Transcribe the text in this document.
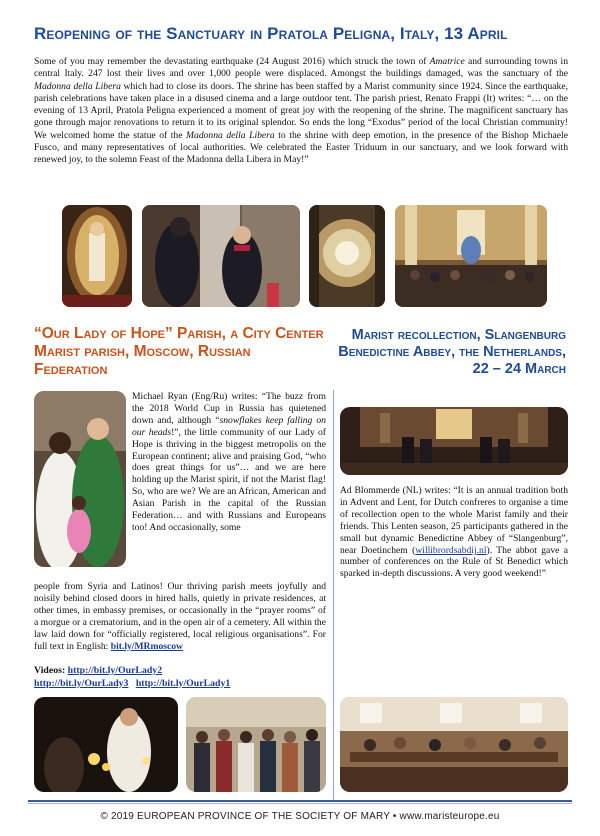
Reopening of the Sanctuary in Pratola Peligna, Italy, 13 April

Some of you may remember the devastating earthquake (24 August 2016) which struck the town of Amatrice and surrounding towns in central Italy. 247 lost their lives and over 1,000 people were displaced. Amongst the buildings damaged, was the sanctuary of the Madonna della Libera which had to close its doors. The shrine has been staffed by a Marist community since 1924. Since the earthquake, parish celebrations have taken place in a disused cinema and a large outdoor tent. The parish priest, Renato Frappi (It) writes: “… on the evening of 13 April, Pratola Peligna experienced a moment of great joy with the reopening of the shrine. The magnificent sanctuary has gone through major renovations to return it to its original splendor. So ends the long “Exodus” period of the local Christian community! We welcomed home the statue of the Madonna della Libera to the shrine with deep emotion, in the presence of the Bishop Michaele Fusco, and many representatives of local authorities. We celebrated the Easter Triduum in our sanctuary, and we look forward with renewed joy, to the solemn Feast of the Madonna della Libera in May!”

“Our Lady of Hope” Parish, a City Center Marist parish, Moscow, Russian Federation
Marist recollection, Slangenburg Benedictine Abbey, the Netherlands, 22 – 24 March

Michael Ryan (Eng/Ru) writes: “The buzz from the 2018 World Cup in Russia has quietened down and, although “snowflakes keep falling on our heads!”, the little community of our Lady of Hope is thriving in the biggest metropolis on the European continent; alive and praising God, “who does great things for us”… and we are here holding up the Marist spirit, if not the Marist flag! So, who are we? We are an African, American and Asian Parish in the capital of the Russian Federation… and with Russians and Europeans too! And occasionally, some

people from Syria and Latinos! Our thriving parish meets joyfully and noisily behind closed doors in hired halls, quietly in private residences, at other times, in embassy premises, or occasionally in the “prayer rooms” of a morgue or a crematorium, and in the open air of a cemetery. All within the law laid down for “officially registered, local religious organisations”. For full text in English: bit.ly/MRmoscow

Videos: http://bit.ly/OurLady2
http://bit.ly/OurLady3 http://bit.ly/OurLady1

Ad Blommerde (NL) writes: “It is an annual tradition both in Advent and Lent, for Dutch confreres to organise a time of recollection open to the whole Marist family and their friends. This Lenten season, 25 participants gathered in the small but dynamic Benedictine Abbey of “Slangenburg”, near Doetinchem (willibrordsabdij.nl). The abbot gave a number of conferences on the Rule of St Benedict which sparked in-depth discussions. A very good weekend!”

© 2019 EUROPEAN PROVINCE OF THE SOCIETY OF MARY • www.maristeurope.eu
